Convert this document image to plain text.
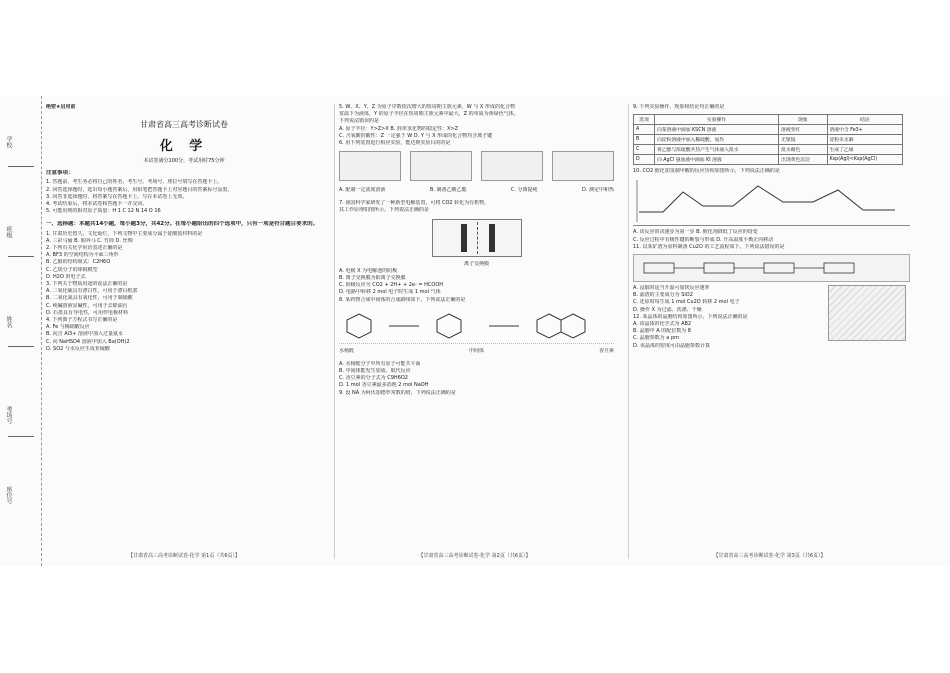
学校
班级
姓名
考场号
座位号
绝密★启用前
甘肃省高三高考诊断试卷
化 学
本试卷满分100分，考试用时75分钟
注意事项：
1. 答题前，考生务必将自己的姓名、考生号、考场号、座位号填写在答题卡上。
2. 回答选择题时，选出每小题答案后，用铅笔把答题卡上对应题目的答案标号涂黑。
3. 回答非选择题时，将答案写在答题卡上。写在本试卷上无效。
4. 考试结束后，将本试卷和答题卡一并交回。
5. 可能用到的相对原子质量：H 1 C 12 N 14 O 16
一、选择题：本题共14小题，每小题3分，共42分。在每小题给出的四个选项中，只有一项是符合题目要求的。
1. 甘肃历史悠久，文化灿烂，下列文物中主要成分属于硅酸盐材料的是
A. 三彩马俑 B. 铜奔马 C. 竹简 D. 丝绸
2. 下列有关化学用语表述正确的是
A. BF3 的空间结构为平面三角形
B. 乙醇的结构简式：C2H6O
C. 乙炔分子的球棍模型
D. H2O 的电子式
3. 下列关于物质用途的说法正确的是
A. 二氧化硫具有漂白性，可用于漂白纸浆
B. 二氧化氮具有氧化性，可用于制硝酸
C. 纯碱溶液显碱性，可用于去除油污
D. 石墨具有导电性，可用作电极材料
4. 下列离子方程式书写正确的是
A. Fe 与稀硝酸反应
B. 向含 Al3+ 溶液中加入过量氨水
C. 向 NaHSO4 溶液中加入 Ba(OH)2
D. SO2 与水反应生成亚硫酸
【甘肃省高三高考诊断试卷·化学 第1页（共6页）】
5. W、X、Y、Z 为原子序数依次增大的短周期主族元素，W 与 X 形成的化合物
常温下为液体，Y 的原子半径在短周期主族元素中最大，Z 的单质为黄绿色气体。
下列说法错误的是
A. 原子半径：Y>Z>X B. 简单氢化物的稳定性：X>Z
C. 含氧酸的酸性：Z 一定强于 W D. Y 与 X 形成的化合物均含离子键
6. 用下列装置进行相应实验，能达到实验目的的是
A. 配制一定浓度溶液	B. 制备乙酸乙酯	C. 分离提纯	D. 测定中和热
7. 我国科学家研发了一种新型电解装置，可将 CO2 转化为有机物，
其工作原理如图所示。下列说法正确的是
离子交换膜
A. 电极 X 为电解池的阴极
B. 离子交换膜为阳离子交换膜
C. 阴极反应为 CO2 + 2H+ + 2e- = HCOOH
D. 电路中转移 2 mol 电子时生成 1 mol 气体
8. 某药物合成中间体的合成路线如下。下列说法正确的是
水杨醛	中间体	香豆素
A. 水杨醛分子中所有原子可能共平面
B. 中间体能发生加成、取代反应
C. 香豆素的分子式为 C9H6O2
D. 1 mol 香豆素最多消耗 2 mol NaOH
9. 设 NA 为阿伏加德罗常数的值，下列说法正确的是
【甘肃省高三高考诊断试卷·化学 第2页（共6页）】
9. 下列实验操作、现象和结论均正确的是
选项	实验操作	现象	结论
A	向某溶液中滴加 KSCN 溶液	溶液变红	溶液中含 Fe3+
B	向淀粉溶液中加入稀硫酸，加热	无银镜	淀粉未水解
C	将乙醇与浓硫酸共热产生气体通入溴水	溴水褪色	生成了乙烯
D	向 AgCl 悬浊液中滴加 KI 溶液	出现黄色沉淀	Ksp(AgI)<Ksp(AgCl)
10. CO2 催化加氢制甲酸的反应历程如图所示，下列说法正确的是
A. 该反应的决速步为第一步 B. 催化剂降低了反应的焓变
C. 反应过程中有极性键的断裂与形成 D. 升高温度平衡正向移动
11. 以某矿渣为原料制备 Cu2O 的工艺流程如下。下列说法错误的是
A. 浸取时适当升温可加快反应速率
B. 滤渣的主要成分为 SiO2
C. 还原时每生成 1 mol Cu2O 转移 2 mol 电子
D. 操作 X 为过滤、洗涤、干燥
12. 某晶体的晶胞结构如图所示，下列说法正确的是
A. 该晶体的化学式为 AB2
B. 晶胞中 A 的配位数为 8
C. 晶胞参数为 a pm
D. 该晶体的密度可由晶胞参数计算
【甘肃省高三高考诊断试卷·化学 第3页（共6页）】
